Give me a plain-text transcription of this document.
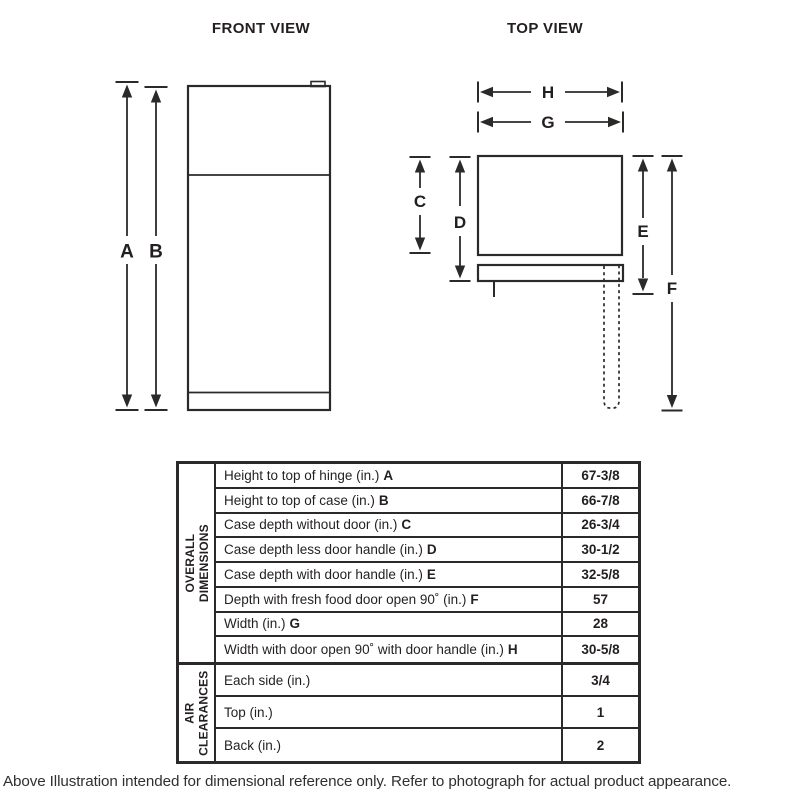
FRONT VIEW	TOP VIEW
A B
H
G
C
D	E
F
OVERALL DIMENSIONS
Height to top of hinge (in.) A	67-3/8
Height to top of case (in.) B	66-7/8
Case depth without door (in.) C	26-3/4
Case depth less door handle (in.) D	30-1/2
Case depth with door handle (in.) E	32-5/8
Depth with fresh food door open 90˚ (in.) F	57
Width (in.) G	28
Width with door open 90˚ with door handle (in.) H	30-5/8
AIR CLEARANCES Each side (in.)	3/4
Top (in.)	1
Back (in.)	2
Above Illustration intended for dimensional reference only. Refer to photograph for actual product appearance.
